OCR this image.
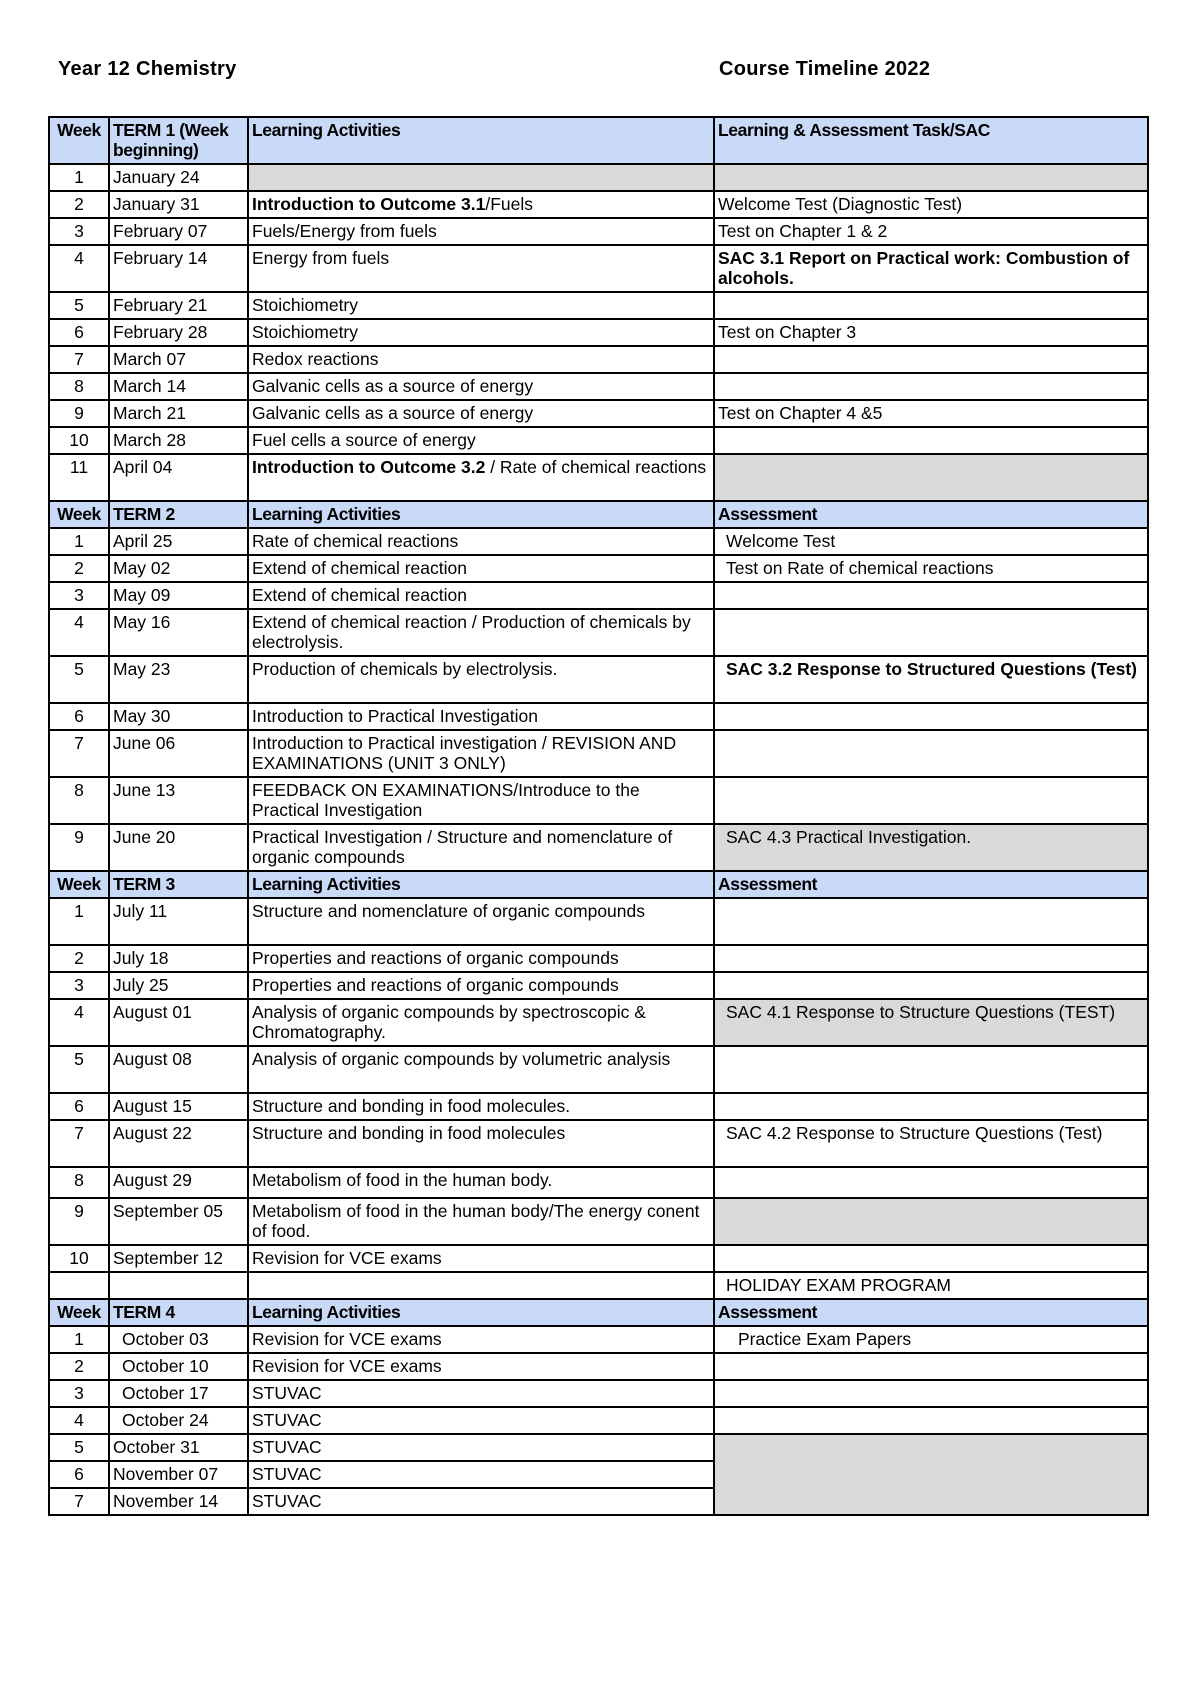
Year 12 Chemistry	Course Timeline 2022
Week	TERM 1 (Week beginning)	Learning Activities	Learning & Assessment Task/SAC
1	January 24		
2	January 31	Introduction to Outcome 3.1/Fuels	Welcome Test (Diagnostic Test)
3	February 07	Fuels/Energy from fuels	Test on Chapter 1 & 2
4	February 14	Energy from fuels	SAC 3.1 Report on Practical work: Combustion of alcohols.
5	February 21	Stoichiometry	
6	February 28	Stoichiometry	Test on Chapter 3
7	March 07	Redox reactions	
8	March 14	Galvanic cells as a source of energy	
9	March 21	Galvanic cells as a source of energy	Test on Chapter 4 &5
10	March 28	Fuel cells a source of energy	
11	April 04	Introduction to Outcome 3.2 / Rate of chemical reactions	
Week	TERM 2	Learning Activities	Assessment
1	April 25	Rate of chemical reactions	Welcome Test
2	May 02	Extend of chemical reaction	Test on Rate of chemical reactions
3	May 09	Extend of chemical reaction	
4	May 16	Extend of chemical reaction / Production of chemicals by electrolysis.	
5	May 23	Production of chemicals by electrolysis.	SAC 3.2 Response to Structured Questions (Test)
6	May 30	Introduction to Practical Investigation	
7	June 06	Introduction to Practical investigation / REVISION AND EXAMINATIONS (UNIT 3 ONLY)	
8	June 13	FEEDBACK ON EXAMINATIONS/Introduce to the Practical Investigation	
9	June 20	Practical Investigation / Structure and nomenclature of organic compounds	SAC 4.3 Practical Investigation.
Week	TERM 3	Learning Activities	Assessment
1	July 11	Structure and nomenclature of organic compounds	
2	July 18	Properties and reactions of organic compounds	
3	July 25	Properties and reactions of organic compounds	
4	August 01	Analysis of organic compounds by spectroscopic & Chromatography.	SAC 4.1 Response to Structure Questions (TEST)
5	August 08	Analysis of organic compounds by volumetric analysis	
6	August 15	Structure and bonding in food molecules.	
7	August 22	Structure and bonding in food molecules	SAC 4.2 Response to Structure Questions (Test)
8	August 29	Metabolism of food in the human body.	
9	September 05	Metabolism of food in the human body/The energy conent of food.	
10	September 12	Revision for VCE exams	
			HOLIDAY EXAM PROGRAM
Week	TERM 4	Learning Activities	Assessment
1	October 03	Revision for VCE exams	Practice Exam Papers
2	October 10	Revision for VCE exams	
3	October 17	STUVAC	
4	October 24	STUVAC	
5	October 31	STUVAC	
6	November 07	STUVAC	
7	November 14	STUVAC	
